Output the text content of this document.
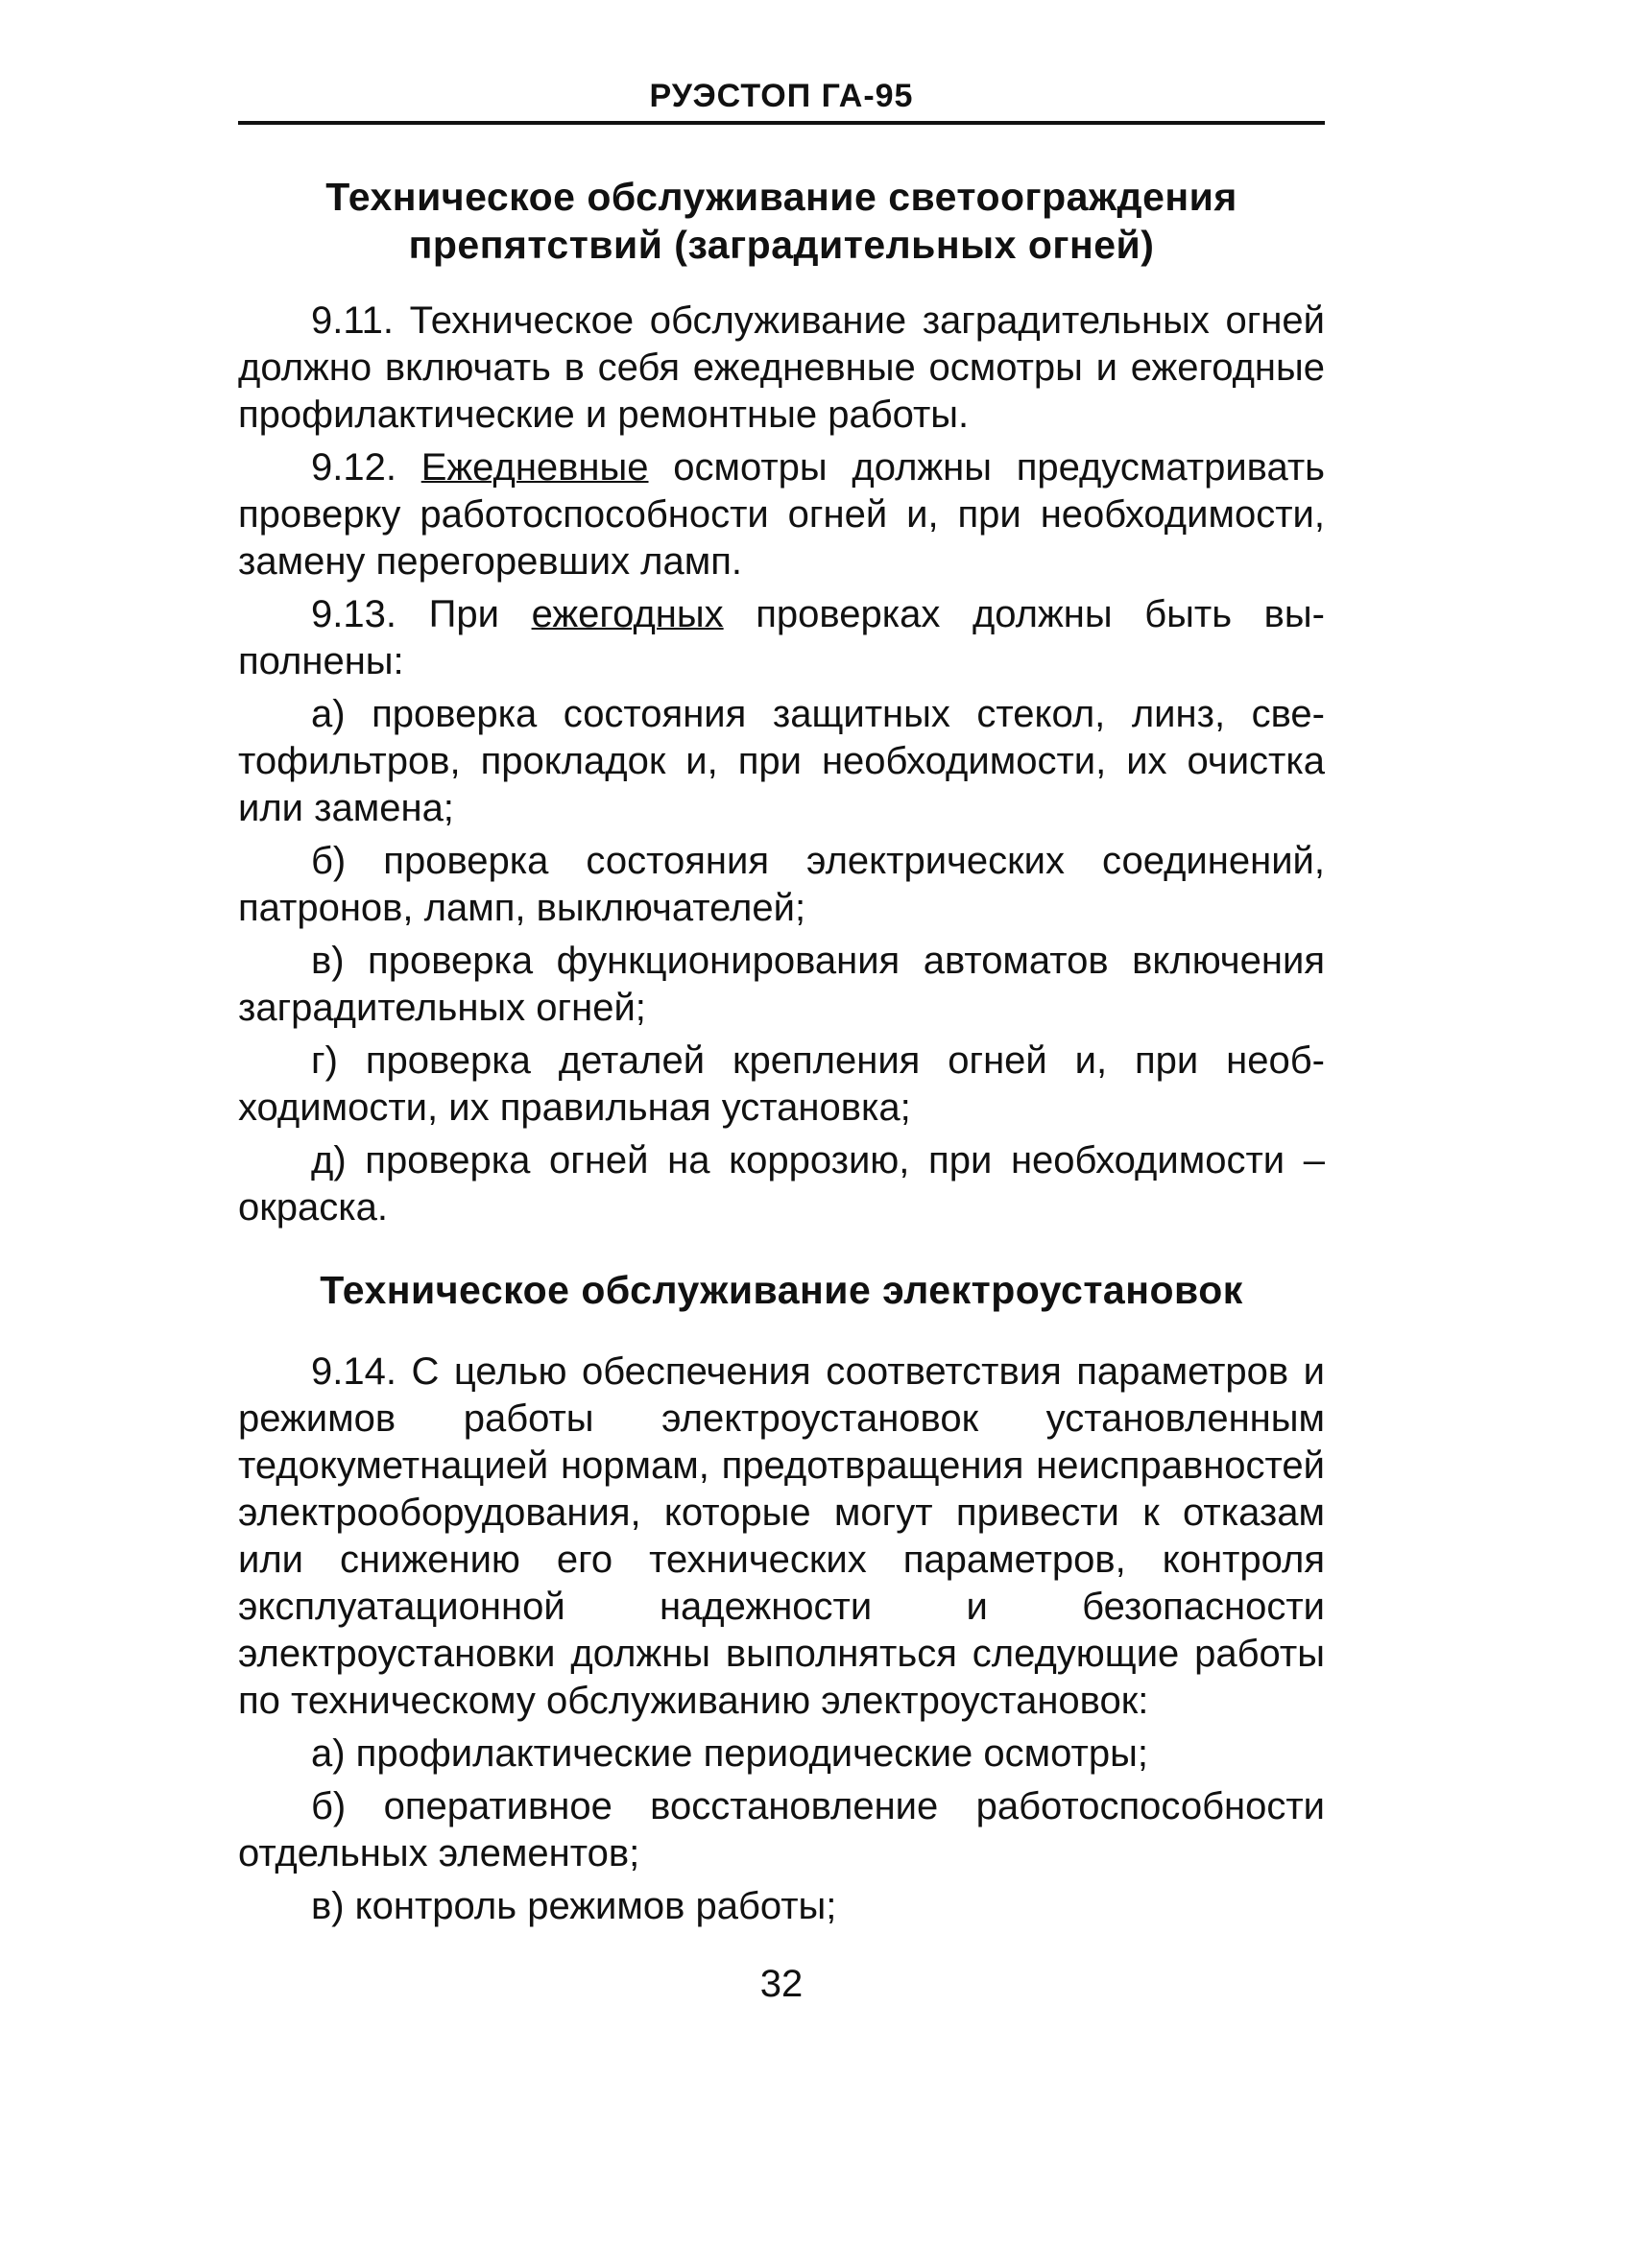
РУЭСТОП ГА-95
Техническое обслуживание светоограждения препятствий (заградительных огней)

9.11. Техническое обслуживание заградительных огней должно включать в себя ежедневные осмотры и ежегодные профилактические и ремонтные работы.

9.12. Ежедневные осмотры должны предусматривать проверку работоспособности огней и, при необходимости, замену перегоревших ламп.

9.13. При ежегодных проверках должны быть выполнены:

а) проверка состояния защитных стекол, линз, светофильтров, прокладок и, при необходимости, их очистка или замена;

б) проверка состояния электрических соединений, патронов, ламп, выключателей;

в) проверка функционирования автоматов включения заградительных огней;

г) проверка деталей крепления огней и, при необходимости, их правильная установка;

д) проверка огней на коррозию, при необходимости – окраска.

Техническое обслуживание электроустановок

9.14. С целью обеспечения соответствия параметров и режимов работы электроустановок установленным тедокуметнацией нормам, предотвращения неисправностей электрооборудования, которые могут привести к отказам или снижению его технических параметров, контроля эксплуатационной надежности и безопасности электроустановки должны выполняться следующие работы по техническому обслуживанию электроустановок:

а) профилактические периодические осмотры;

б) оперативное восстановление работоспособности отдельных элементов;

в) контроль режимов работы;

32
